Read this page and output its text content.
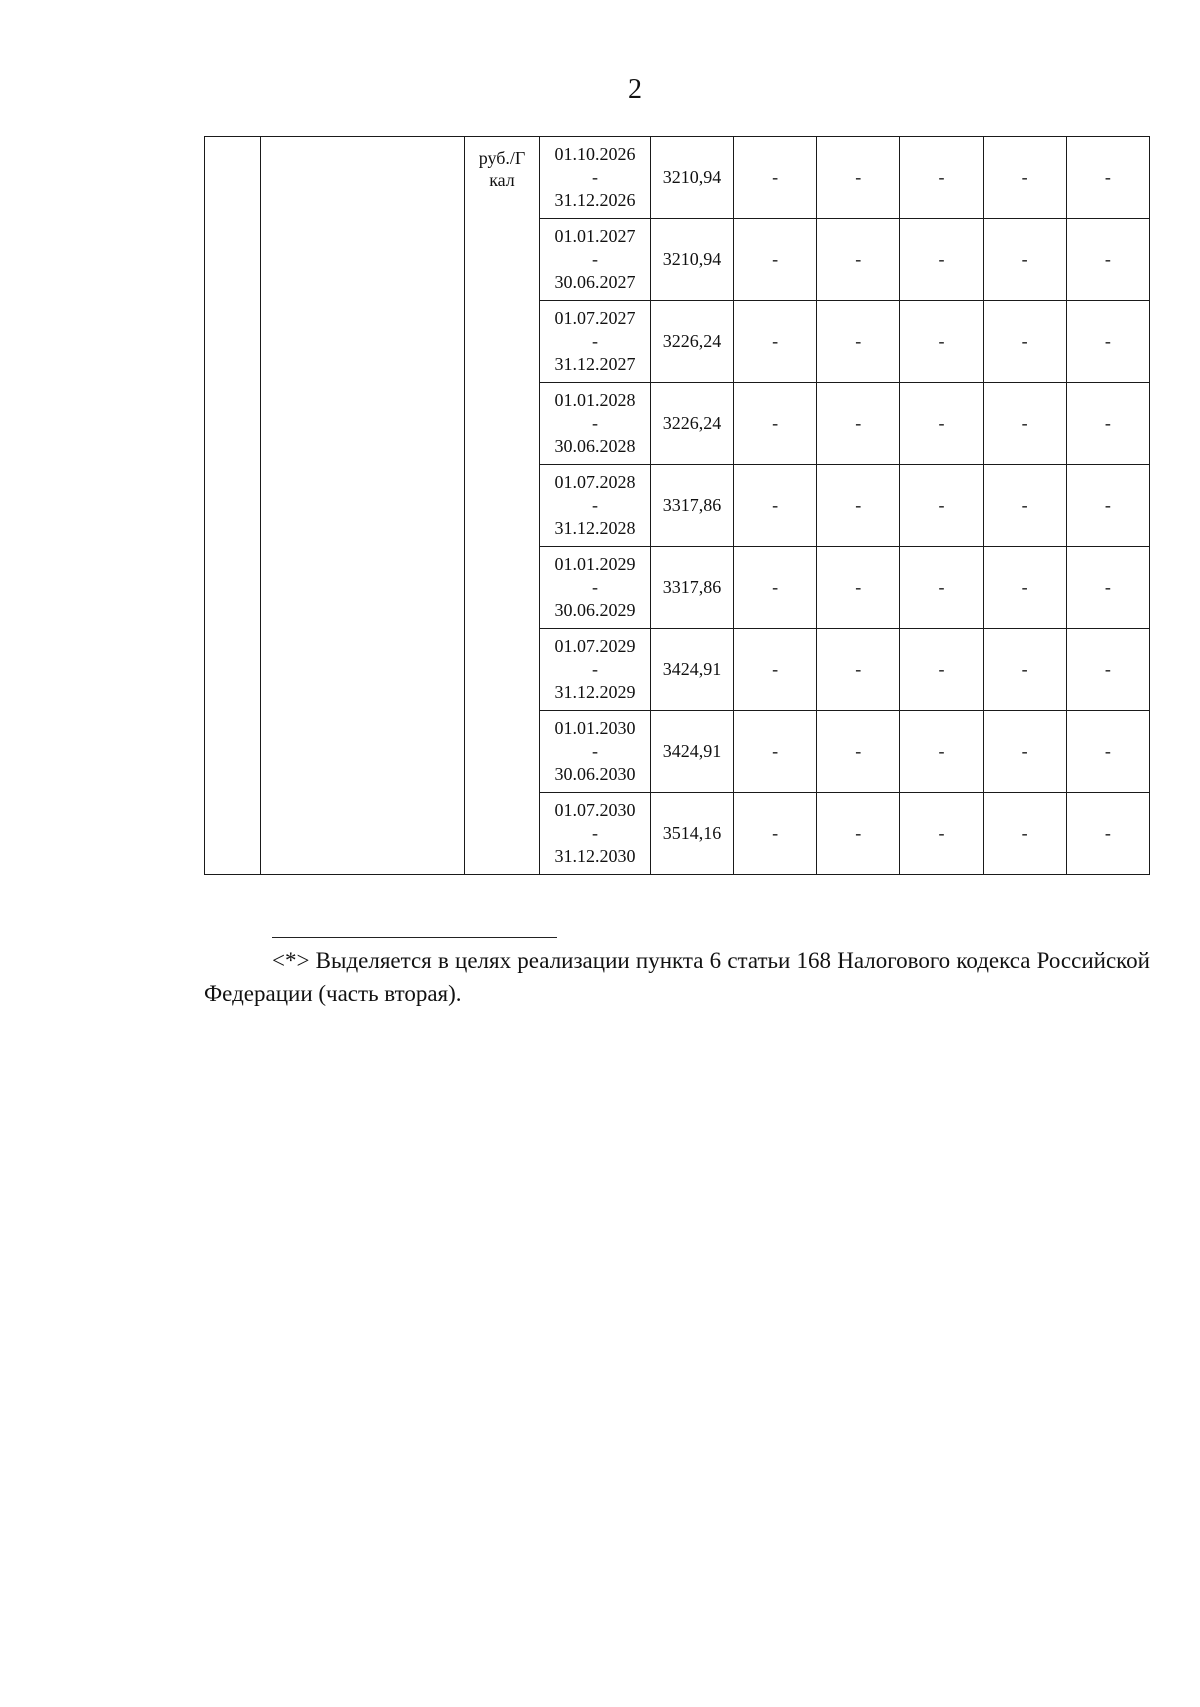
2
		руб./Г кал	01.10.2026
-
31.12.2026	3210,94	-	-	-	-	-

			01.01.2027
-
30.06.2027	3210,94	-	-	-	-	-

			01.07.2027
-
31.12.2027	3226,24	-	-	-	-	-

			01.01.2028
-
30.06.2028	3226,24	-	-	-	-	-

			01.07.2028
-
31.12.2028	3317,86	-	-	-	-	-

			01.01.2029
-
30.06.2029	3317,86	-	-	-	-	-

			01.07.2029
-
31.12.2029	3424,91	-	-	-	-	-

			01.01.2030
-
30.06.2030	3424,91	-	-	-	-	-

			01.07.2030
-
31.12.2030	3514,16	-	-	-	-	-
<*> Выделяется в целях реализации пункта 6 статьи 168 Налогового кодекса Российской Федерации (часть вторая).
